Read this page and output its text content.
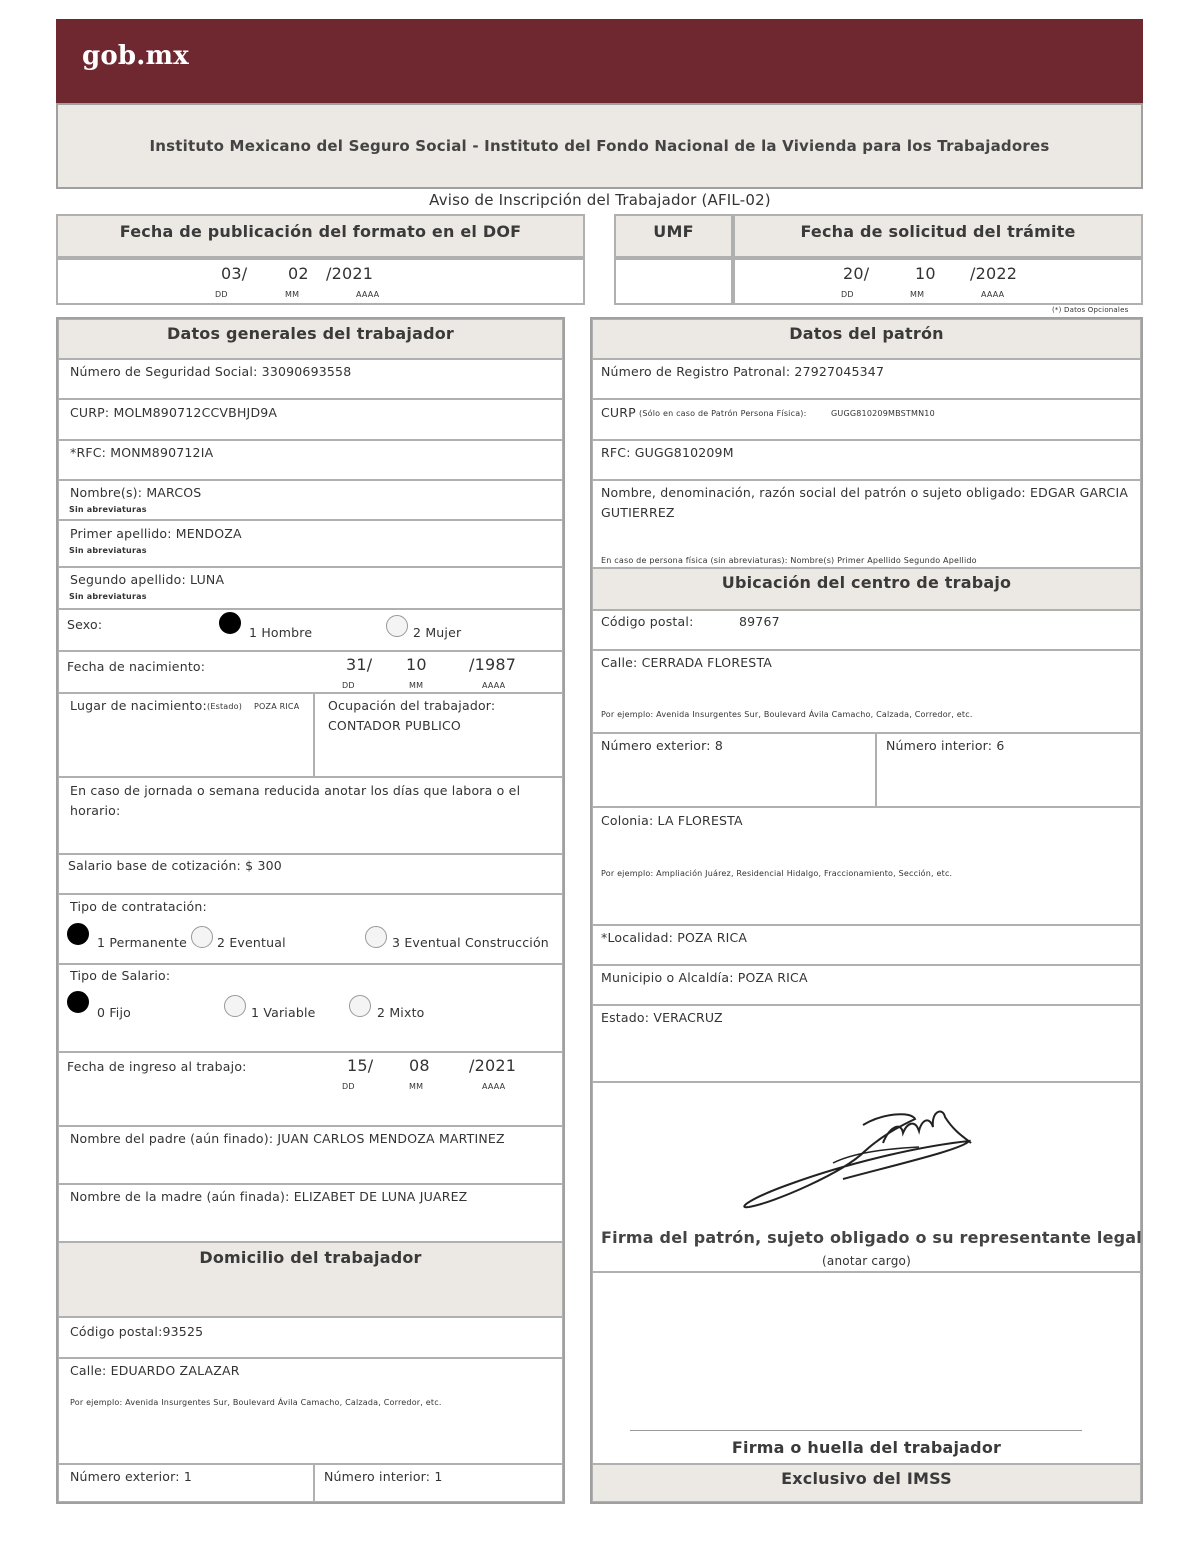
gob.mx
Instituto Mexicano del Seguro Social - Instituto del Fondo Nacional de la Vivienda para los Trabajadores
Aviso de Inscripción del Trabajador (AFIL-02)
Fecha de publicación del formato en el DOF
03/	02 /2021
DD	MM	AAAA
UMF	Fecha de solicitud del trámite
20/	10 /2022
DD	MM	AAAA
(*) Datos Opcionales
Datos generales del trabajador
Número de Seguridad Social: 33090693558
CURP: MOLM890712CCVBHJD9A
*RFC: MONM890712IA
Nombre(s): MARCOS
Sin abreviaturas
Primer apellido: MENDOZA
Sin abreviaturas
Segundo apellido: LUNA
Sin abreviaturas
Sexo:
1 Hombre	2 Mujer
Fecha de nacimiento:	31/ 10	/1987
DD	MM	AAAA
Lugar de nacimiento: (Estado) POZA RICA Ocupación del trabajador:
CONTADOR PUBLICO
En caso de jornada o semana reducida anotar los días que labora o el
horario:
Salario base de cotización: $ 300
Tipo de contratación:
1 Permanente 2 Eventual	3 Eventual Construcción
Tipo de Salario:
0 Fijo	1 Variable	2 Mixto
Fecha de ingreso al trabajo:	15/ 08 /2021
DD	MM	AAAA
Nombre del padre (aún finado): JUAN CARLOS MENDOZA MARTINEZ
Nombre de la madre (aún finada): ELIZABET DE LUNA JUAREZ
Domicilio del trabajador
Código postal:93525
Calle: EDUARDO ZALAZAR
Por ejemplo: Avenida Insurgentes Sur, Boulevard Ávila Camacho, Calzada, Corredor, etc.
Número exterior: 1	Número interior: 1
Datos del patrón
Número de Registro Patronal: 27927045347
CURP (Sólo en caso de Patrón Persona Física):	GUGG810209MBSTMN10
RFC: GUGG810209M
Nombre, denominación, razón social del patrón o sujeto obligado: EDGAR GARCIA
GUTIERREZ
En caso de persona física (sin abreviaturas): Nombre(s) Primer Apellido Segundo Apellido
Ubicación del centro de trabajo
Código postal:	89767
Calle: CERRADA FLORESTA
Por ejemplo: Avenida Insurgentes Sur, Boulevard Ávila Camacho, Calzada, Corredor, etc.
Número exterior: 8	Número interior: 6
Colonia: LA FLORESTA
Por ejemplo: Ampliación Juárez, Residencial Hidalgo, Fraccionamiento, Sección, etc.
*Localidad: POZA RICA
Municipio o Alcaldía: POZA RICA
Estado: VERACRUZ
Firma del patrón, sujeto obligado o su representante legal
(anotar cargo)
Firma o huella del trabajador
Exclusivo del IMSS
